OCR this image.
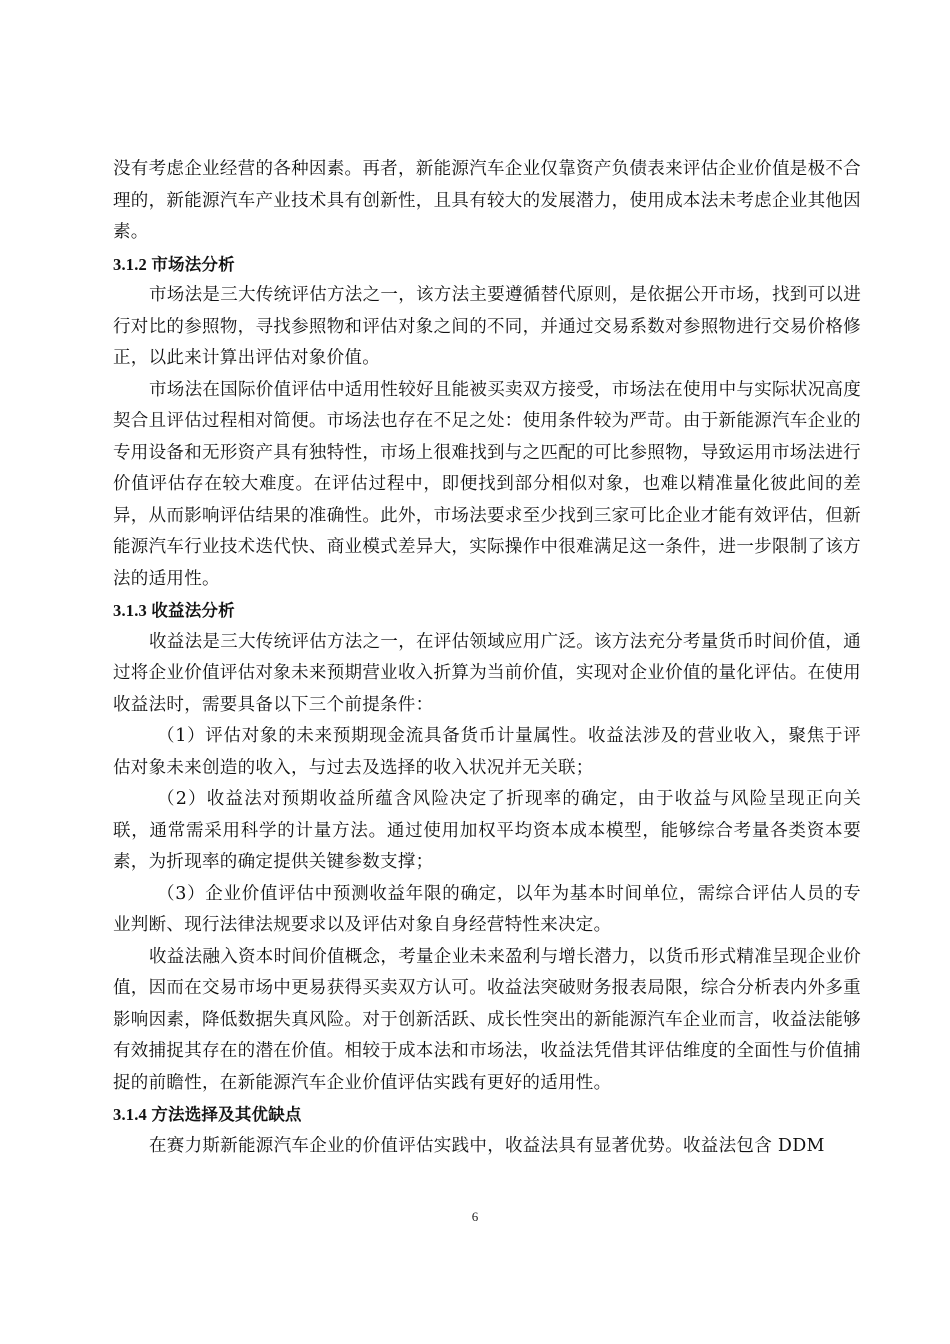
没有考虑企业经营的各种因素。再者，新能源汽车企业仅靠资产负债表来评估企业价值是极不合理的，新能源汽车产业技术具有创新性，且具有较大的发展潜力，使用成本法未考虑企业其他因素。

3.1.2 市场法分析

市场法是三大传统评估方法之一，该方法主要遵循替代原则，是依据公开市场，找到可以进行对比的参照物，寻找参照物和评估对象之间的不同，并通过交易系数对参照物进行交易价格修正，以此来计算出评估对象价值。

市场法在国际价值评估中适用性较好且能被买卖双方接受，市场法在使用中与实际状况高度契合且评估过程相对简便。市场法也存在不足之处：使用条件较为严苛。由于新能源汽车企业的专用设备和无形资产具有独特性，市场上很难找到与之匹配的可比参照物，导致运用市场法进行价值评估存在较大难度。在评估过程中，即便找到部分相似对象，也难以精准量化彼此间的差异，从而影响评估结果的准确性。此外，市场法要求至少找到三家可比企业才能有效评估，但新能源汽车行业技术迭代快、商业模式差异大，实际操作中很难满足这一条件，进一步限制了该方法的适用性。

3.1.3 收益法分析

收益法是三大传统评估方法之一，在评估领域应用广泛。该方法充分考量货币时间价值，通过将企业价值评估对象未来预期营业收入折算为当前价值，实现对企业价值的量化评估。在使用收益法时，需要具备以下三个前提条件：

（1）评估对象的未来预期现金流具备货币计量属性。收益法涉及的营业收入，聚焦于评估对象未来创造的收入，与过去及选择的收入状况并无关联；

（2）收益法对预期收益所蕴含风险决定了折现率的确定，由于收益与风险呈现正向关联，通常需采用科学的计量方法。通过使用加权平均资本成本模型，能够综合考量各类资本要素，为折现率的确定提供关键参数支撑；

（3）企业价值评估中预测收益年限的确定，以年为基本时间单位，需综合评估人员的专业判断、现行法律法规要求以及评估对象自身经营特性来决定。

收益法融入资本时间价值概念，考量企业未来盈利与增长潜力，以货币形式精准呈现企业价值，因而在交易市场中更易获得买卖双方认可。收益法突破财务报表局限，综合分析表内外多重影响因素，降低数据失真风险。对于创新活跃、成长性突出的新能源汽车企业而言，收益法能够有效捕捉其存在的潜在价值。相较于成本法和市场法，收益法凭借其评估维度的全面性与价值捕捉的前瞻性，在新能源汽车企业价值评估实践有更好的适用性。

3.1.4 方法选择及其优缺点

在赛力斯新能源汽车企业的价值评估实践中，收益法具有显著优势。收益法包含 DDM

6
